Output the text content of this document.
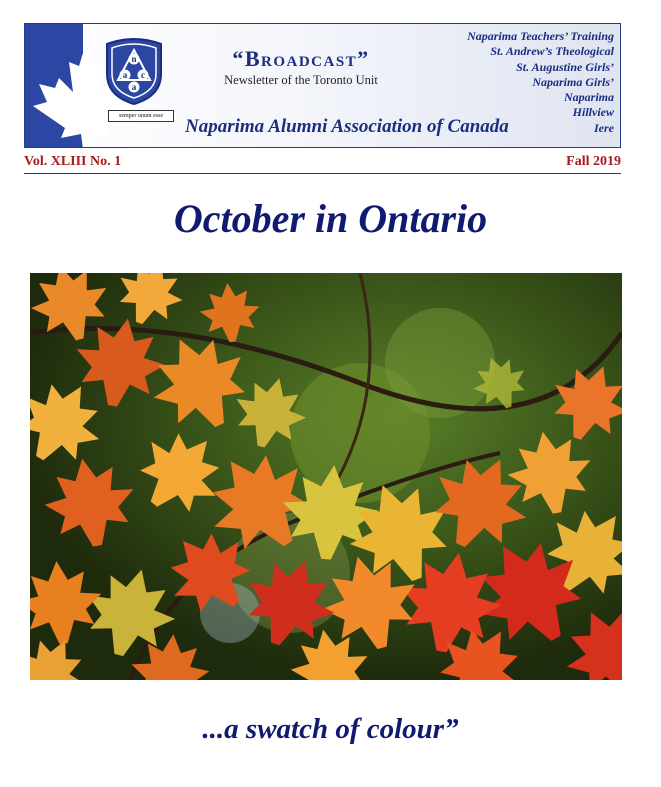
n
a c
a
semper unum esse
“Broadcast”
Newsletter of the Toronto Unit
Naparima Alumni Association of Canada
Naparima Teachers’ Training
St. Andrew’s Theological
St. Augustine Girls’
Naparima Girls’
Naparima
Hillview
Iere
Vol. XLIII No. 1	Fall 2019
October in Ontario
...a swatch of colour”
